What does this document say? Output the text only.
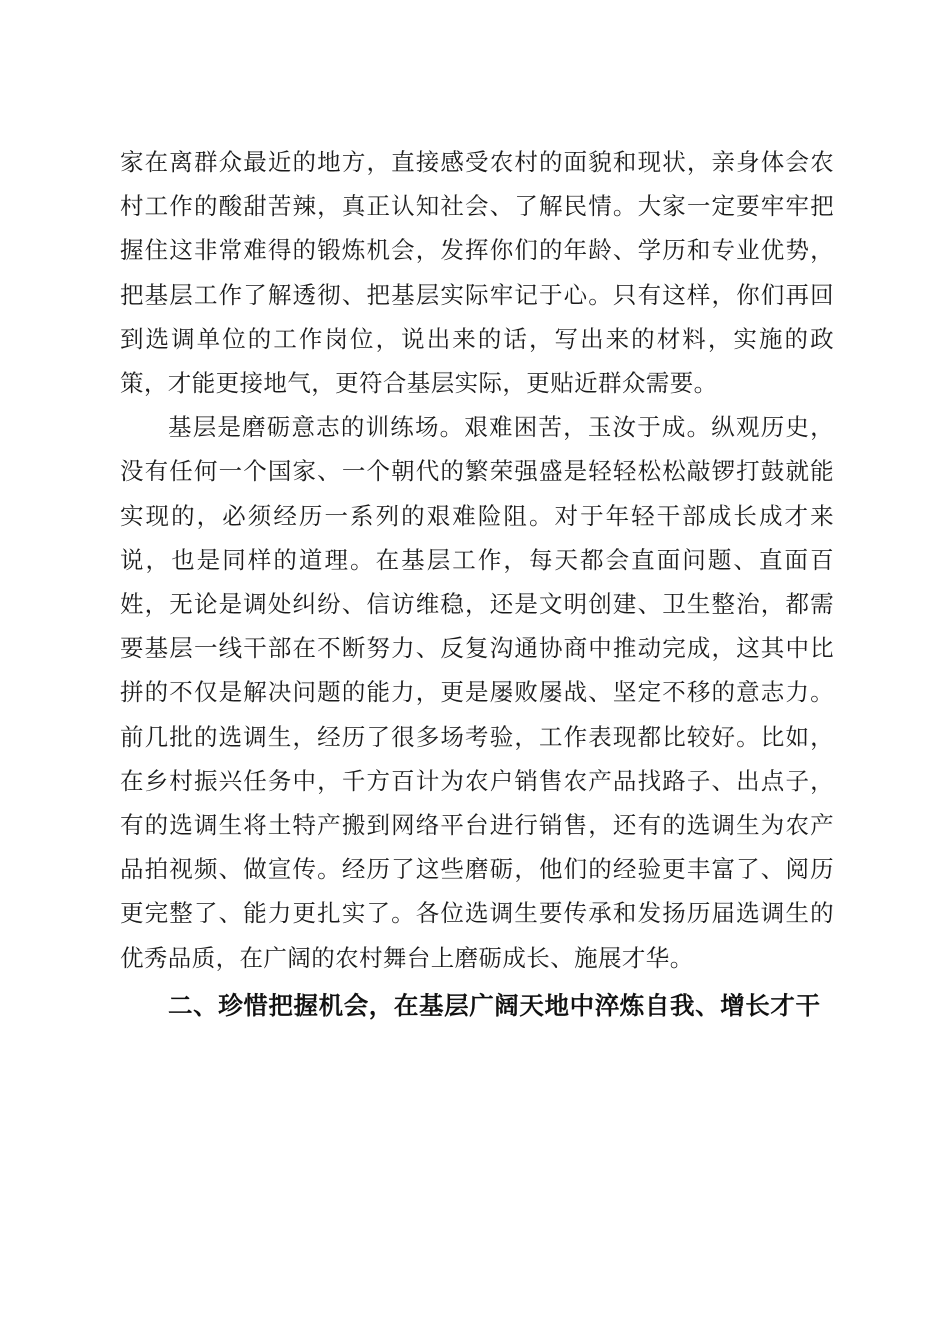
家在离群众最近的地方，直接感受农村的面貌和现状，亲身体会农村工作的酸甜苦辣，真正认知社会、了解民情。大家一定要牢牢把握住这非常难得的锻炼机会，发挥你们的年龄、学历和专业优势，把基层工作了解透彻、把基层实际牢记于心。只有这样，你们再回到选调单位的工作岗位，说出来的话，写出来的材料，实施的政策，才能更接地气，更符合基层实际，更贴近群众需要。

基层是磨砺意志的训练场。艰难困苦，玉汝于成。纵观历史，没有任何一个国家、一个朝代的繁荣强盛是轻轻松松敲锣打鼓就能实现的，必须经历一系列的艰难险阻。对于年轻干部成长成才来说，也是同样的道理。在基层工作，每天都会直面问题、直面百姓，无论是调处纠纷、信访维稳，还是文明创建、卫生整治，都需要基层一线干部在不断努力、反复沟通协商中推动完成，这其中比拼的不仅是解决问题的能力，更是屡败屡战、坚定不移的意志力。前几批的选调生，经历了很多场考验，工作表现都比较好。比如，在乡村振兴任务中，千方百计为农户销售农产品找路子、出点子，有的选调生将土特产搬到网络平台进行销售，还有的选调生为农产品拍视频、做宣传。经历了这些磨砺，他们的经验更丰富了、阅历更完整了、能力更扎实了。各位选调生要传承和发扬历届选调生的优秀品质，在广阔的农村舞台上磨砺成长、施展才华。

二、珍惜把握机会，在基层广阔天地中淬炼自我、增长才干
